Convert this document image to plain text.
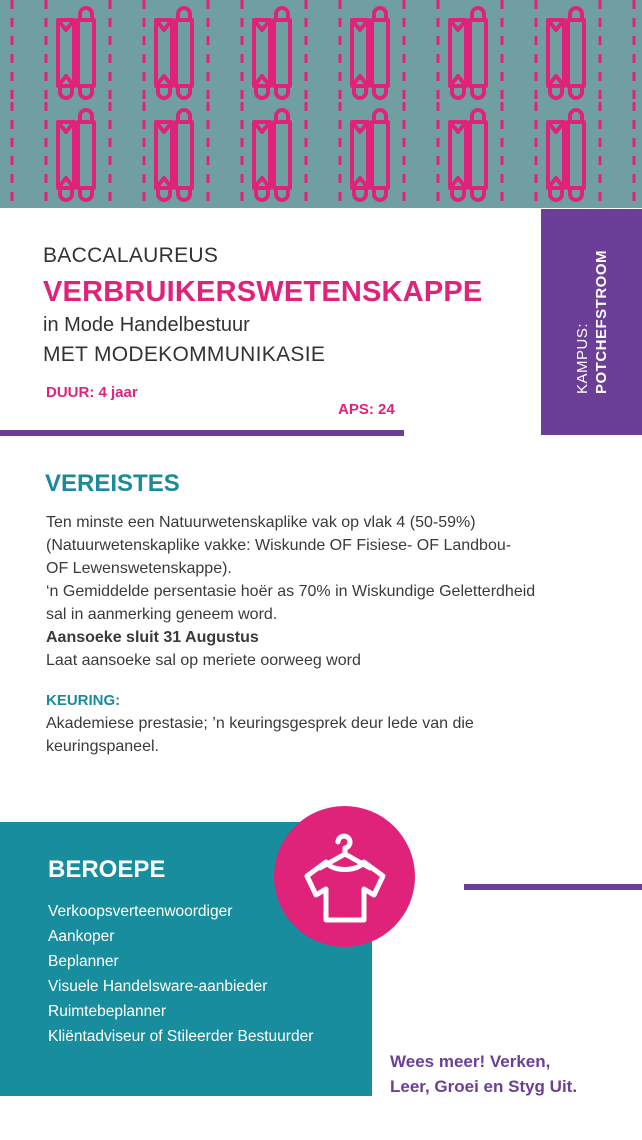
KAMPUS: POTCHEFSTROOM
BACCALAUREUS
VERBRUIKERSWETENSKAPPE
in Mode Handelbestuur
MET MODEKOMMUNIKASIE
DUUR: 4 jaar
APS: 24
VEREISTES
Ten minste een Natuurwetenskaplike vak op vlak 4 (50-59%)
(Natuurwetenskaplike vakke: Wiskunde OF Fisiese- OF Landbou-
OF Lewenswetenskappe).
‘n Gemiddelde persentasie hoër as 70% in Wiskundige Geletterdheid
sal in aanmerking geneem word.
Aansoeke sluit 31 Augustus
Laat aansoeke sal op meriete oorweeg word
KEURING:
Akademiese prestasie; ’n keuringsgesprek deur lede van die
keuringspaneel.
BEROEPE
Verkoopsverteenwoordiger
Aankoper
Beplanner
Visuele Handelsware-aanbieder
Ruimtebeplanner
Kliëntadviseur of Stileerder Bestuurder
Wees meer! Verken,
Leer, Groei en Styg Uit.
